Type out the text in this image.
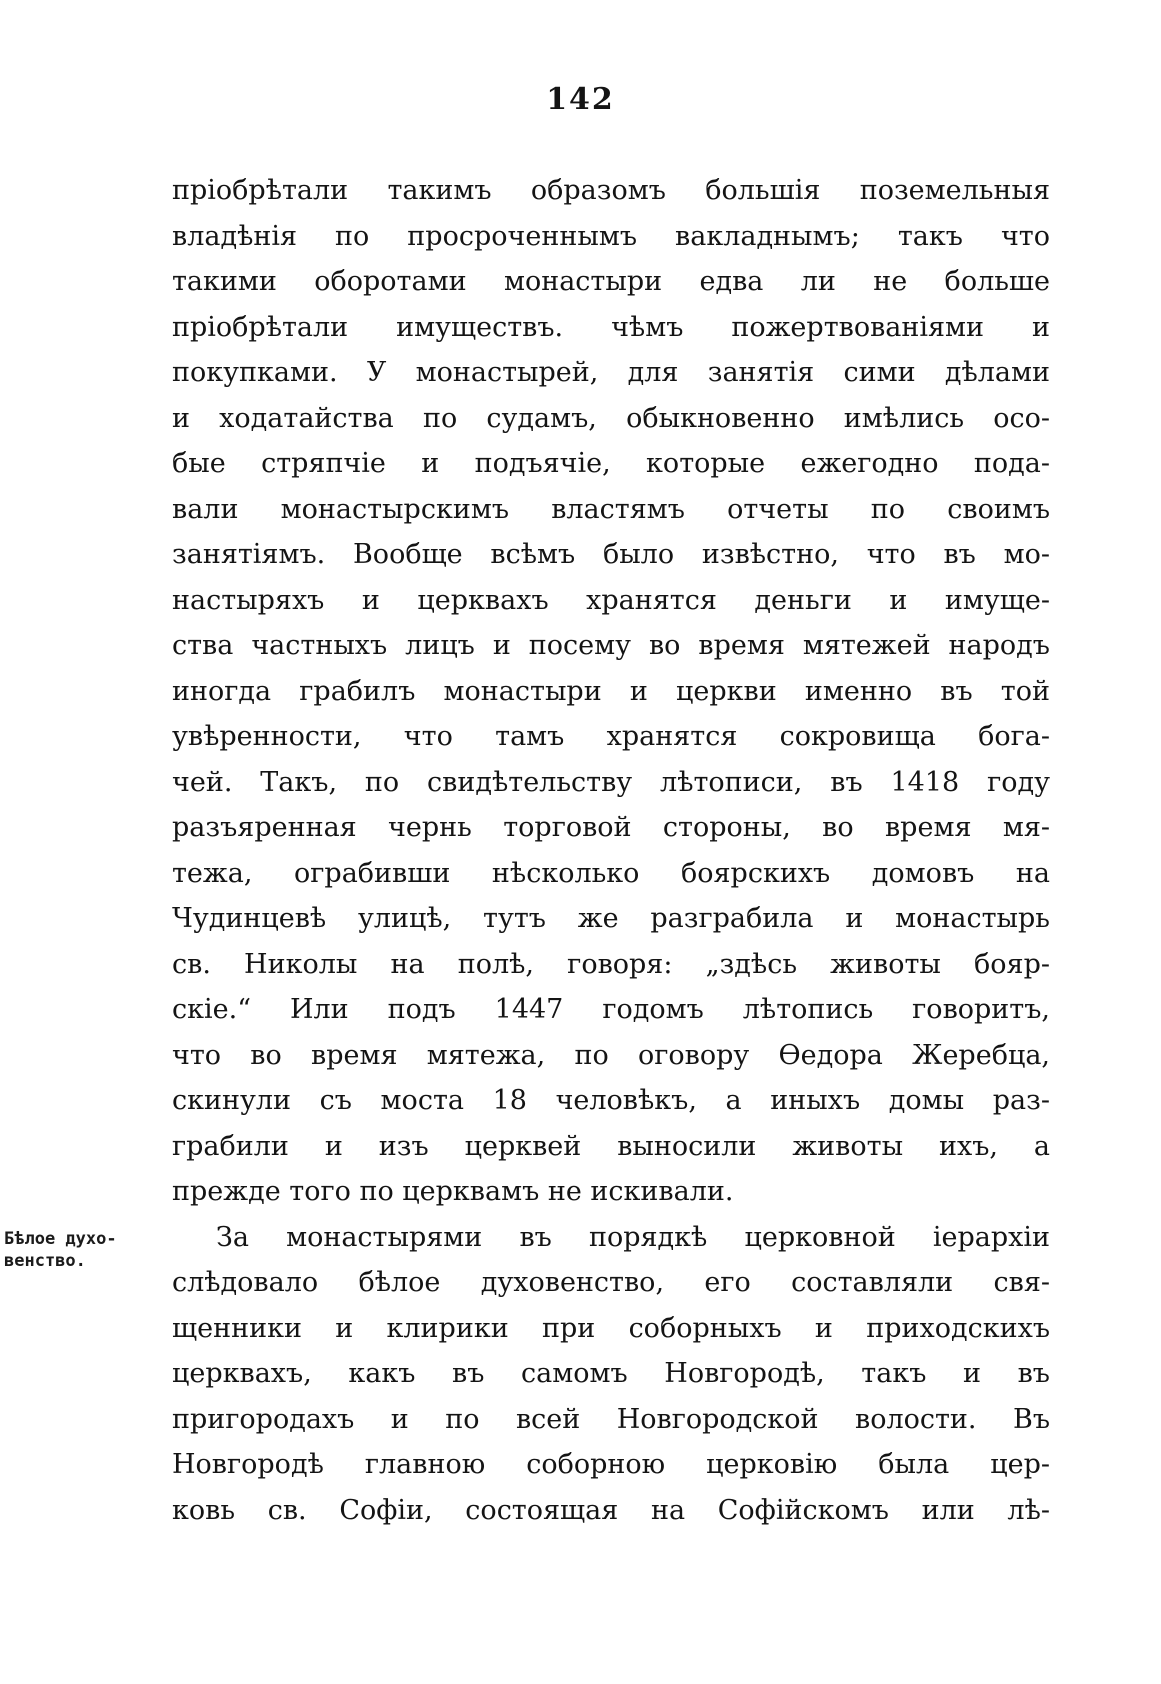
142
Бѣлое духо-
венство.
пріобрѣтали такимъ образомъ большія поземельныя
владѣнія по просроченнымъ вакладнымъ; такъ что
такими оборотами монастыри едва ли не больше
пріобрѣтали имуществъ. чѣмъ пожертвованіями и
покупками. У монастырей, для занятія сими дѣлами
и ходатайства по судамъ, обыкновенно имѣлись осо-
бые стряпчіе и подъячіе, которые ежегодно пода-
вали монастырскимъ властямъ отчеты по своимъ
занятіямъ. Вообще всѣмъ было извѣстно, что въ мо-
настыряхъ и церквахъ хранятся деньги и имуще-
ства частныхъ лицъ и посему во время мятежей народъ
иногда грабилъ монастыри и церкви именно въ той
увѣренности, что тамъ хранятся сокровища бога-
чей. Такъ, по свидѣтельству лѣтописи, въ 1418 году
разъяренная чернь торговой стороны, во время мя-
тежа, ограбивши нѣсколько боярскихъ домовъ на
Чудинцевѣ улицѣ, тутъ же разграбила и монастырь
св. Николы на полѣ, говоря: „здѣсь животы бояр-
скіе.“ Или подъ 1447 годомъ лѣтопись говоритъ,
что во время мятежа, по оговору Ѳедора Жеребца,
скинули съ моста 18 человѣкъ, а иныхъ домы раз-
грабили и изъ церквей выносили животы ихъ, а
прежде того по церквамъ не искивали.
За монастырями въ порядкѣ церковной іерархіи
слѣдовало бѣлое духовенство, его составляли свя-
щенники и клирики при соборныхъ и приходскихъ
церквахъ, какъ въ самомъ Новгородѣ, такъ и въ
пригородахъ и по всей Новгородской волости. Въ
Новгородѣ главною соборною церковію была цер-
ковь св. Софіи, состоящая на Софійскомъ или лѣ-
